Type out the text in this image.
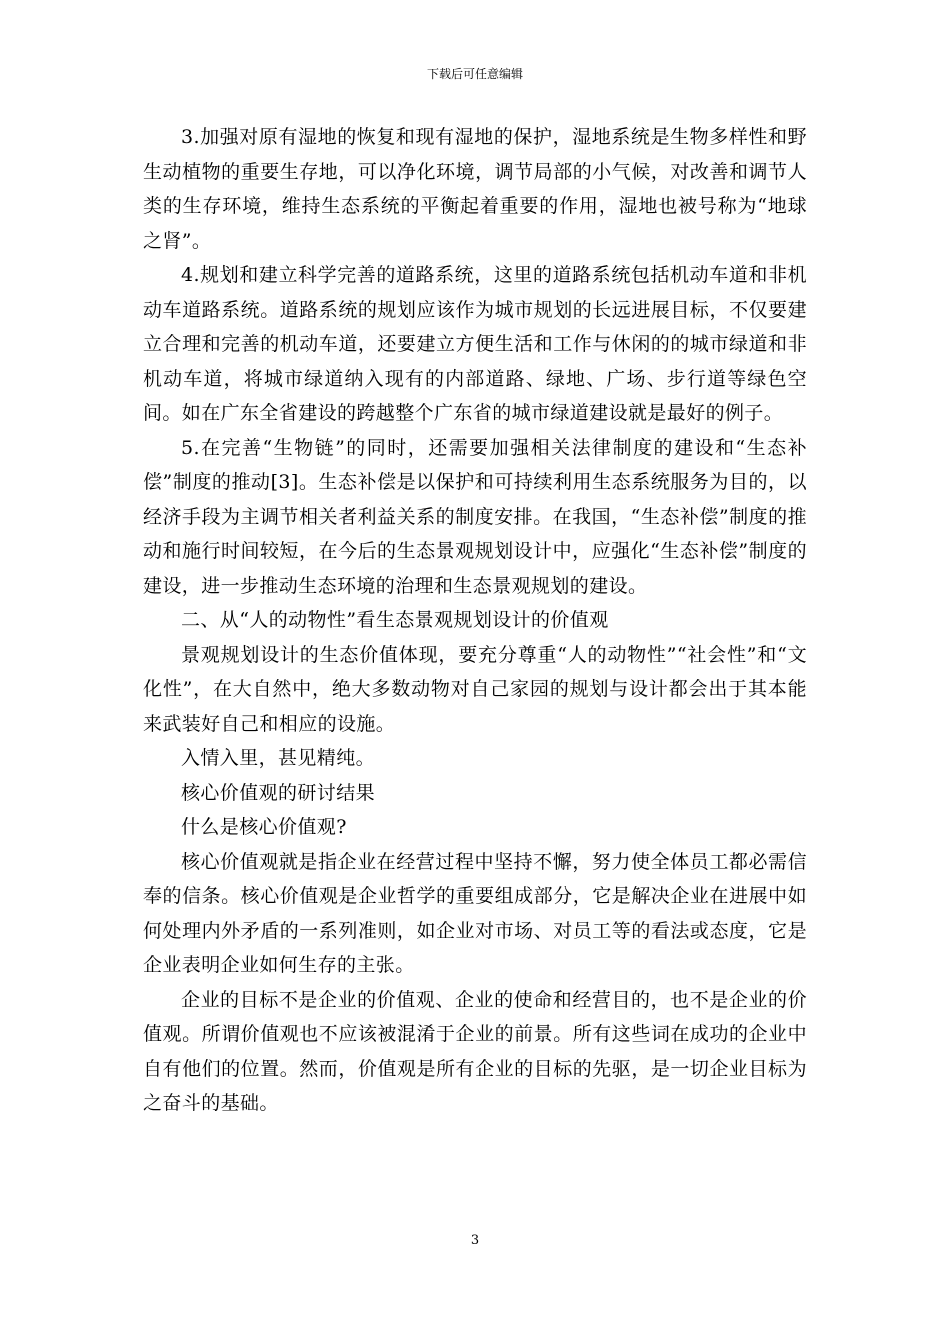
下载后可任意编辑

3.加强对原有湿地的恢复和现有湿地的保护，湿地系统是生物多样性和野生动植物的重要生存地，可以净化环境，调节局部的小气候，对改善和调节人类的生存环境，维持生态系统的平衡起着重要的作用，湿地也被号称为“地球之肾”。

4.规划和建立科学完善的道路系统，这里的道路系统包括机动车道和非机动车道路系统。道路系统的规划应该作为城市规划的长远进展目标，不仅要建立合理和完善的机动车道，还要建立方便生活和工作与休闲的的城市绿道和非机动车道，将城市绿道纳入现有的内部道路、绿地、广场、步行道等绿色空间。如在广东全省建设的跨越整个广东省的城市绿道建设就是最好的例子。

5.在完善“生物链”的同时，还需要加强相关法律制度的建设和“生态补偿”制度的推动[3]。生态补偿是以保护和可持续利用生态系统服务为目的，以经济手段为主调节相关者利益关系的制度安排。在我国，“生态补偿”制度的推动和施行时间较短，在今后的生态景观规划设计中，应强化“生态补偿”制度的建设，进一步推动生态环境的治理和生态景观规划的建设。

二、从“人的动物性”看生态景观规划设计的价值观

景观规划设计的生态价值体现，要充分尊重“人的动物性”“社会性”和“文化性”，在大自然中，绝大多数动物对自己家园的规划与设计都会出于其本能来武装好自己和相应的设施。

入情入里，甚见精纯。

核心价值观的研讨结果

什么是核心价值观?

核心价值观就是指企业在经营过程中坚持不懈，努力使全体员工都必需信奉的信条。核心价值观是企业哲学的重要组成部分，它是解决企业在进展中如何处理内外矛盾的一系列准则，如企业对市场、对员工等的看法或态度，它是企业表明企业如何生存的主张。

企业的目标不是企业的价值观、企业的使命和经营目的，也不是企业的价值观。所谓价值观也不应该被混淆于企业的前景。所有这些词在成功的企业中自有他们的位置。然而，价值观是所有企业的目标的先驱，是一切企业目标为之奋斗的基础。

3
